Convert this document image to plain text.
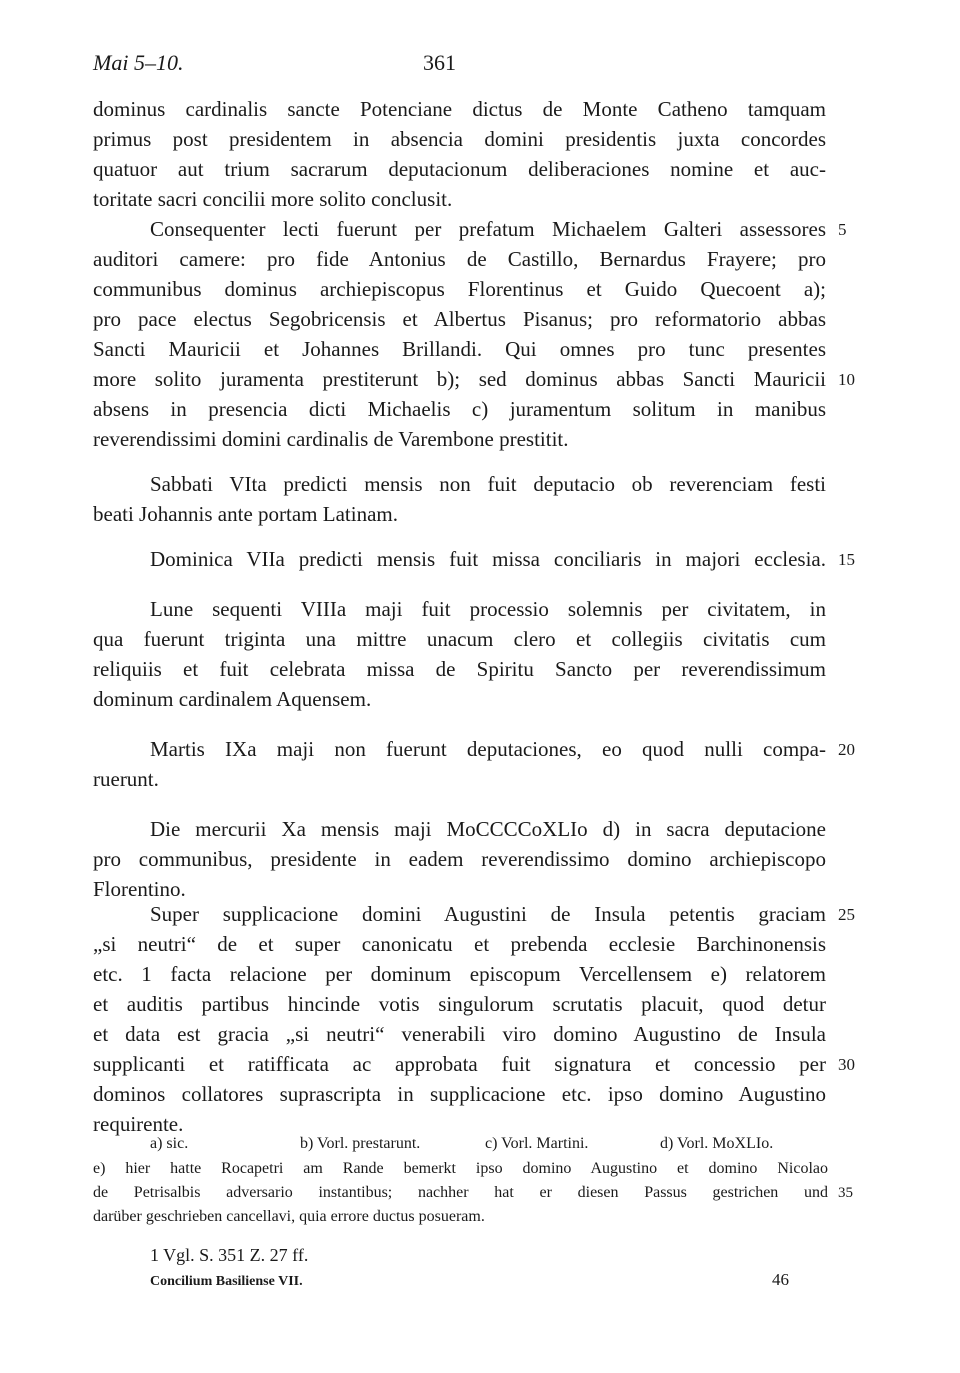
Mai 5–10.	361
dominus cardinalis sancte Potenciane dictus de Monte Catheno tamquam
primus post presidentem in absencia domini presidentis juxta concordes
quatuor aut trium sacrarum deputacionum deliberaciones nomine et auc-
toritate sacri concilii more solito conclusit.
Consequenter lecti fuerunt per prefatum Michaelem Galteri assessores
auditori camere: pro fide Antonius de Castillo, Bernardus Frayere; pro
communibus dominus archiepiscopus Florentinus et Guido Quecoent a);
pro pace electus Segobricensis et Albertus Pisanus; pro reformatorio abbas
Sancti Mauricii et Johannes Brillandi. Qui omnes pro tunc presentes
more solito juramenta prestiterunt b); sed dominus abbas Sancti Mauricii
absens in presencia dicti Michaelis c) juramentum solitum in manibus
reverendissimi domini cardinalis de Varembone prestitit.
Sabbati VIta predicti mensis non fuit deputacio ob reverenciam festi
beati Johannis ante portam Latinam.
Dominica VIIa predicti mensis fuit missa conciliaris in majori ecclesia.
Lune sequenti VIIIa maji fuit processio solemnis per civitatem, in
qua fuerunt triginta una mittre unacum clero et collegiis civitatis cum
reliquiis et fuit celebrata missa de Spiritu Sancto per reverendissimum
dominum cardinalem Aquensem.
Martis IXa maji non fuerunt deputaciones, eo quod nulli compa-
ruerunt.
Die mercurii Xa mensis maji MoCCCCoXLIo d) in sacra deputacione
pro communibus, presidente in eadem reverendissimo domino archiepiscopo
Florentino.
Super supplicacione domini Augustini de Insula petentis graciam
„si neutri“ de et super canonicatu et prebenda ecclesie Barchinonensis
etc. 1 facta relacione per dominum episcopum Vercellensem e) relatorem
et auditis partibus hincinde votis singulorum scrutatis placuit, quod detur
et data est gracia „si neutri“ venerabili viro domino Augustino de Insula
supplicanti et ratifficata ac approbata fuit signatura et concessio per
dominos collatores suprascripta in supplicacione etc. ipso domino Augustino
requirente.
5
10
15
20
25
30
a) sic.	b) Vorl. prestarunt.	c) Vorl. Martini.	d) Vorl. MoXLIo.
e) hier hatte Rocapetri am Rande bemerkt ipso domino Augustino et domino Nicolao
de Petrisalbis adversario instantibus; nachher hat er diesen Passus gestrichen und
darüber geschrieben cancellavi, quia errore ductus posueram.
35
1 Vgl. S. 351 Z. 27 ff.
Concilium Basiliense VII.	46
